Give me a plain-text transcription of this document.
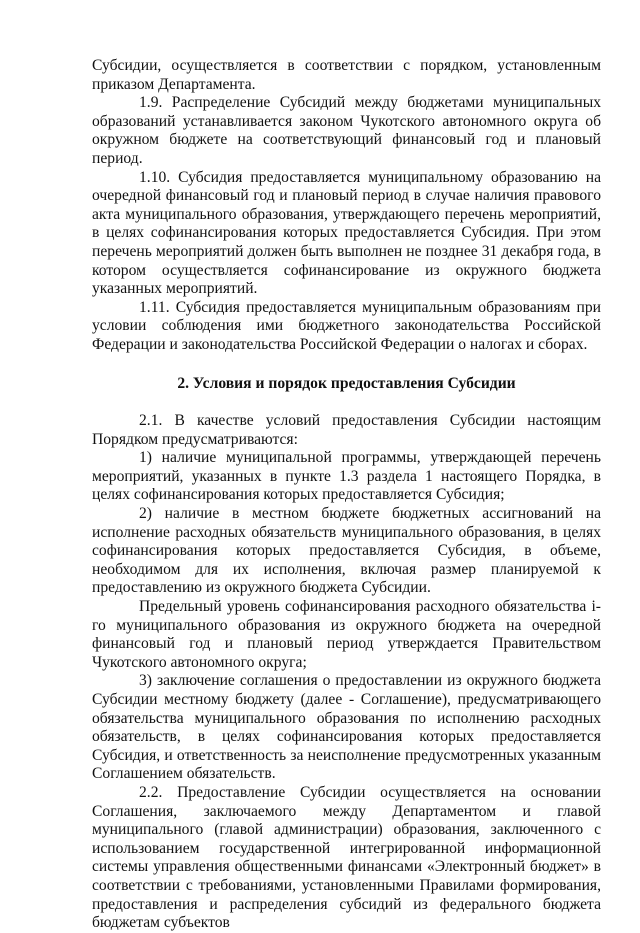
Субсидии, осуществляется в соответствии с порядком, установленным приказом Департамента.

1.9. Распределение Субсидий между бюджетами муниципальных образований устанавливается законом Чукотского автономного округа об окружном бюджете на соответствующий финансовый год и плановый период.

1.10. Субсидия предоставляется муниципальному образованию на очередной финансовый год и плановый период в случае наличия правового акта муниципального образования, утверждающего перечень мероприятий, в целях софинансирования которых предоставляется Субсидия. При этом перечень мероприятий должен быть выполнен не позднее 31 декабря года, в котором осуществляется софинансирование из окружного бюджета указанных мероприятий.

1.11. Субсидия предоставляется муниципальным образованиям при условии соблюдения ими бюджетного законодательства Российской Федерации и законодательства Российской Федерации о налогах и сборах.

2. Условия и порядок предоставления Субсидии

2.1. В качестве условий предоставления Субсидии настоящим Порядком предусматриваются:

1) наличие муниципальной программы, утверждающей перечень мероприятий, указанных в пункте 1.3 раздела 1 настоящего Порядка, в целях софинансирования которых предоставляется Субсидия;

2) наличие в местном бюджете бюджетных ассигнований на исполнение расходных обязательств муниципального образования, в целях софинансирования которых предоставляется Субсидия, в объеме, необходимом для их исполнения, включая размер планируемой к предоставлению из окружного бюджета Субсидии.

Предельный уровень софинансирования расходного обязательства i-го муниципального образования из окружного бюджета на очередной финансовый год и плановый период утверждается Правительством Чукотского автономного округа;

3) заключение соглашения о предоставлении из окружного бюджета Субсидии местному бюджету (далее - Соглашение), предусматривающего обязательства муниципального образования по исполнению расходных обязательств, в целях софинансирования которых предоставляется Субсидия, и ответственность за неисполнение предусмотренных указанным Соглашением обязательств.

2.2. Предоставление Субсидии осуществляется на основании Соглашения, заключаемого между Департаментом и главой муниципального (главой администрации) образования, заключенного с использованием государственной интегрированной информационной системы управления общественными финансами «Электронный бюджет» в соответствии с требованиями, установленными Правилами формирования, предоставления и распределения субсидий из федерального бюджета бюджетам субъектов
